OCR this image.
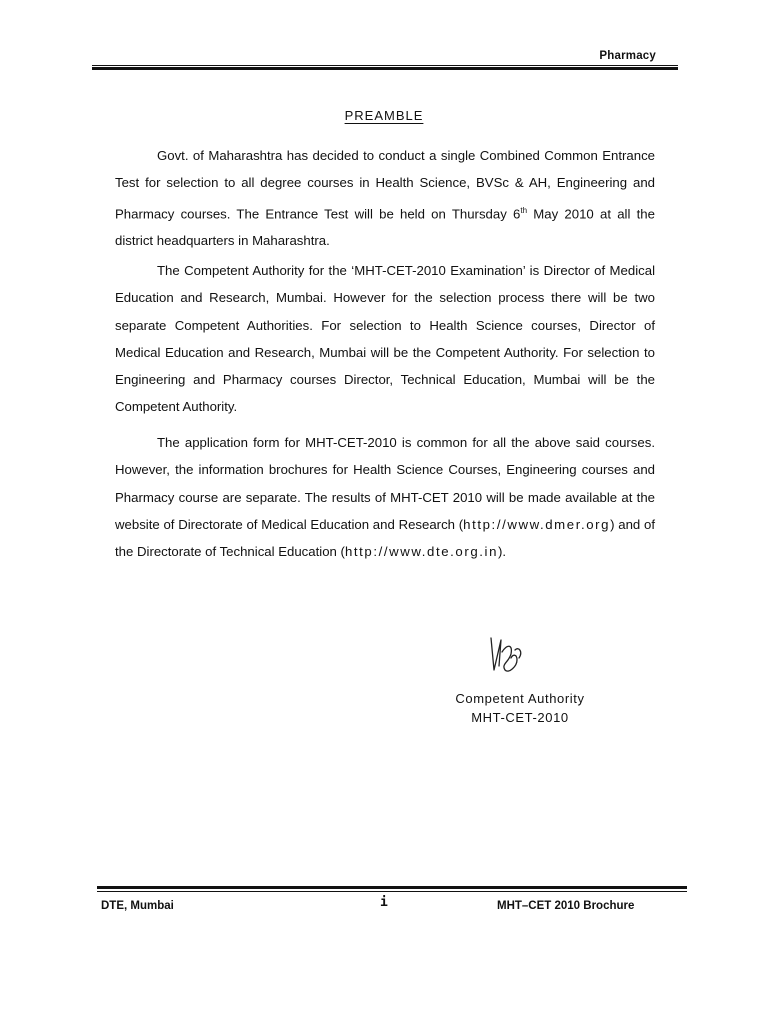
Pharmacy
PREAMBLE

Govt. of Maharashtra has decided to conduct a single Combined Common Entrance Test for selection to all degree courses in Health Science, BVSc & AH, Engineering and Pharmacy courses. The Entrance Test will be held on Thursday 6th May 2010 at all the district headquarters in Maharashtra.

The Competent Authority for the ‘MHT-CET-2010 Examination’ is Director of Medical Education and Research, Mumbai. However for the selection process there will be two separate Competent Authorities. For selection to Health Science courses, Director of Medical Education and Research, Mumbai will be the Competent Authority. For selection to Engineering and Pharmacy courses Director, Technical Education, Mumbai will be the Competent Authority.

The application form for MHT-CET-2010 is common for all the above said courses. However, the information brochures for Health Science Courses, Engineering courses and Pharmacy course are separate. The results of MHT-CET 2010 will be made available at the website of Directorate of Medical Education and Research (http://www.dmer.org) and of the Directorate of Technical Education (http://www.dte.org.in).

Competent Authority
MHT-CET-2010
DTE, Mumbai	i	MHT–CET 2010 Brochure
